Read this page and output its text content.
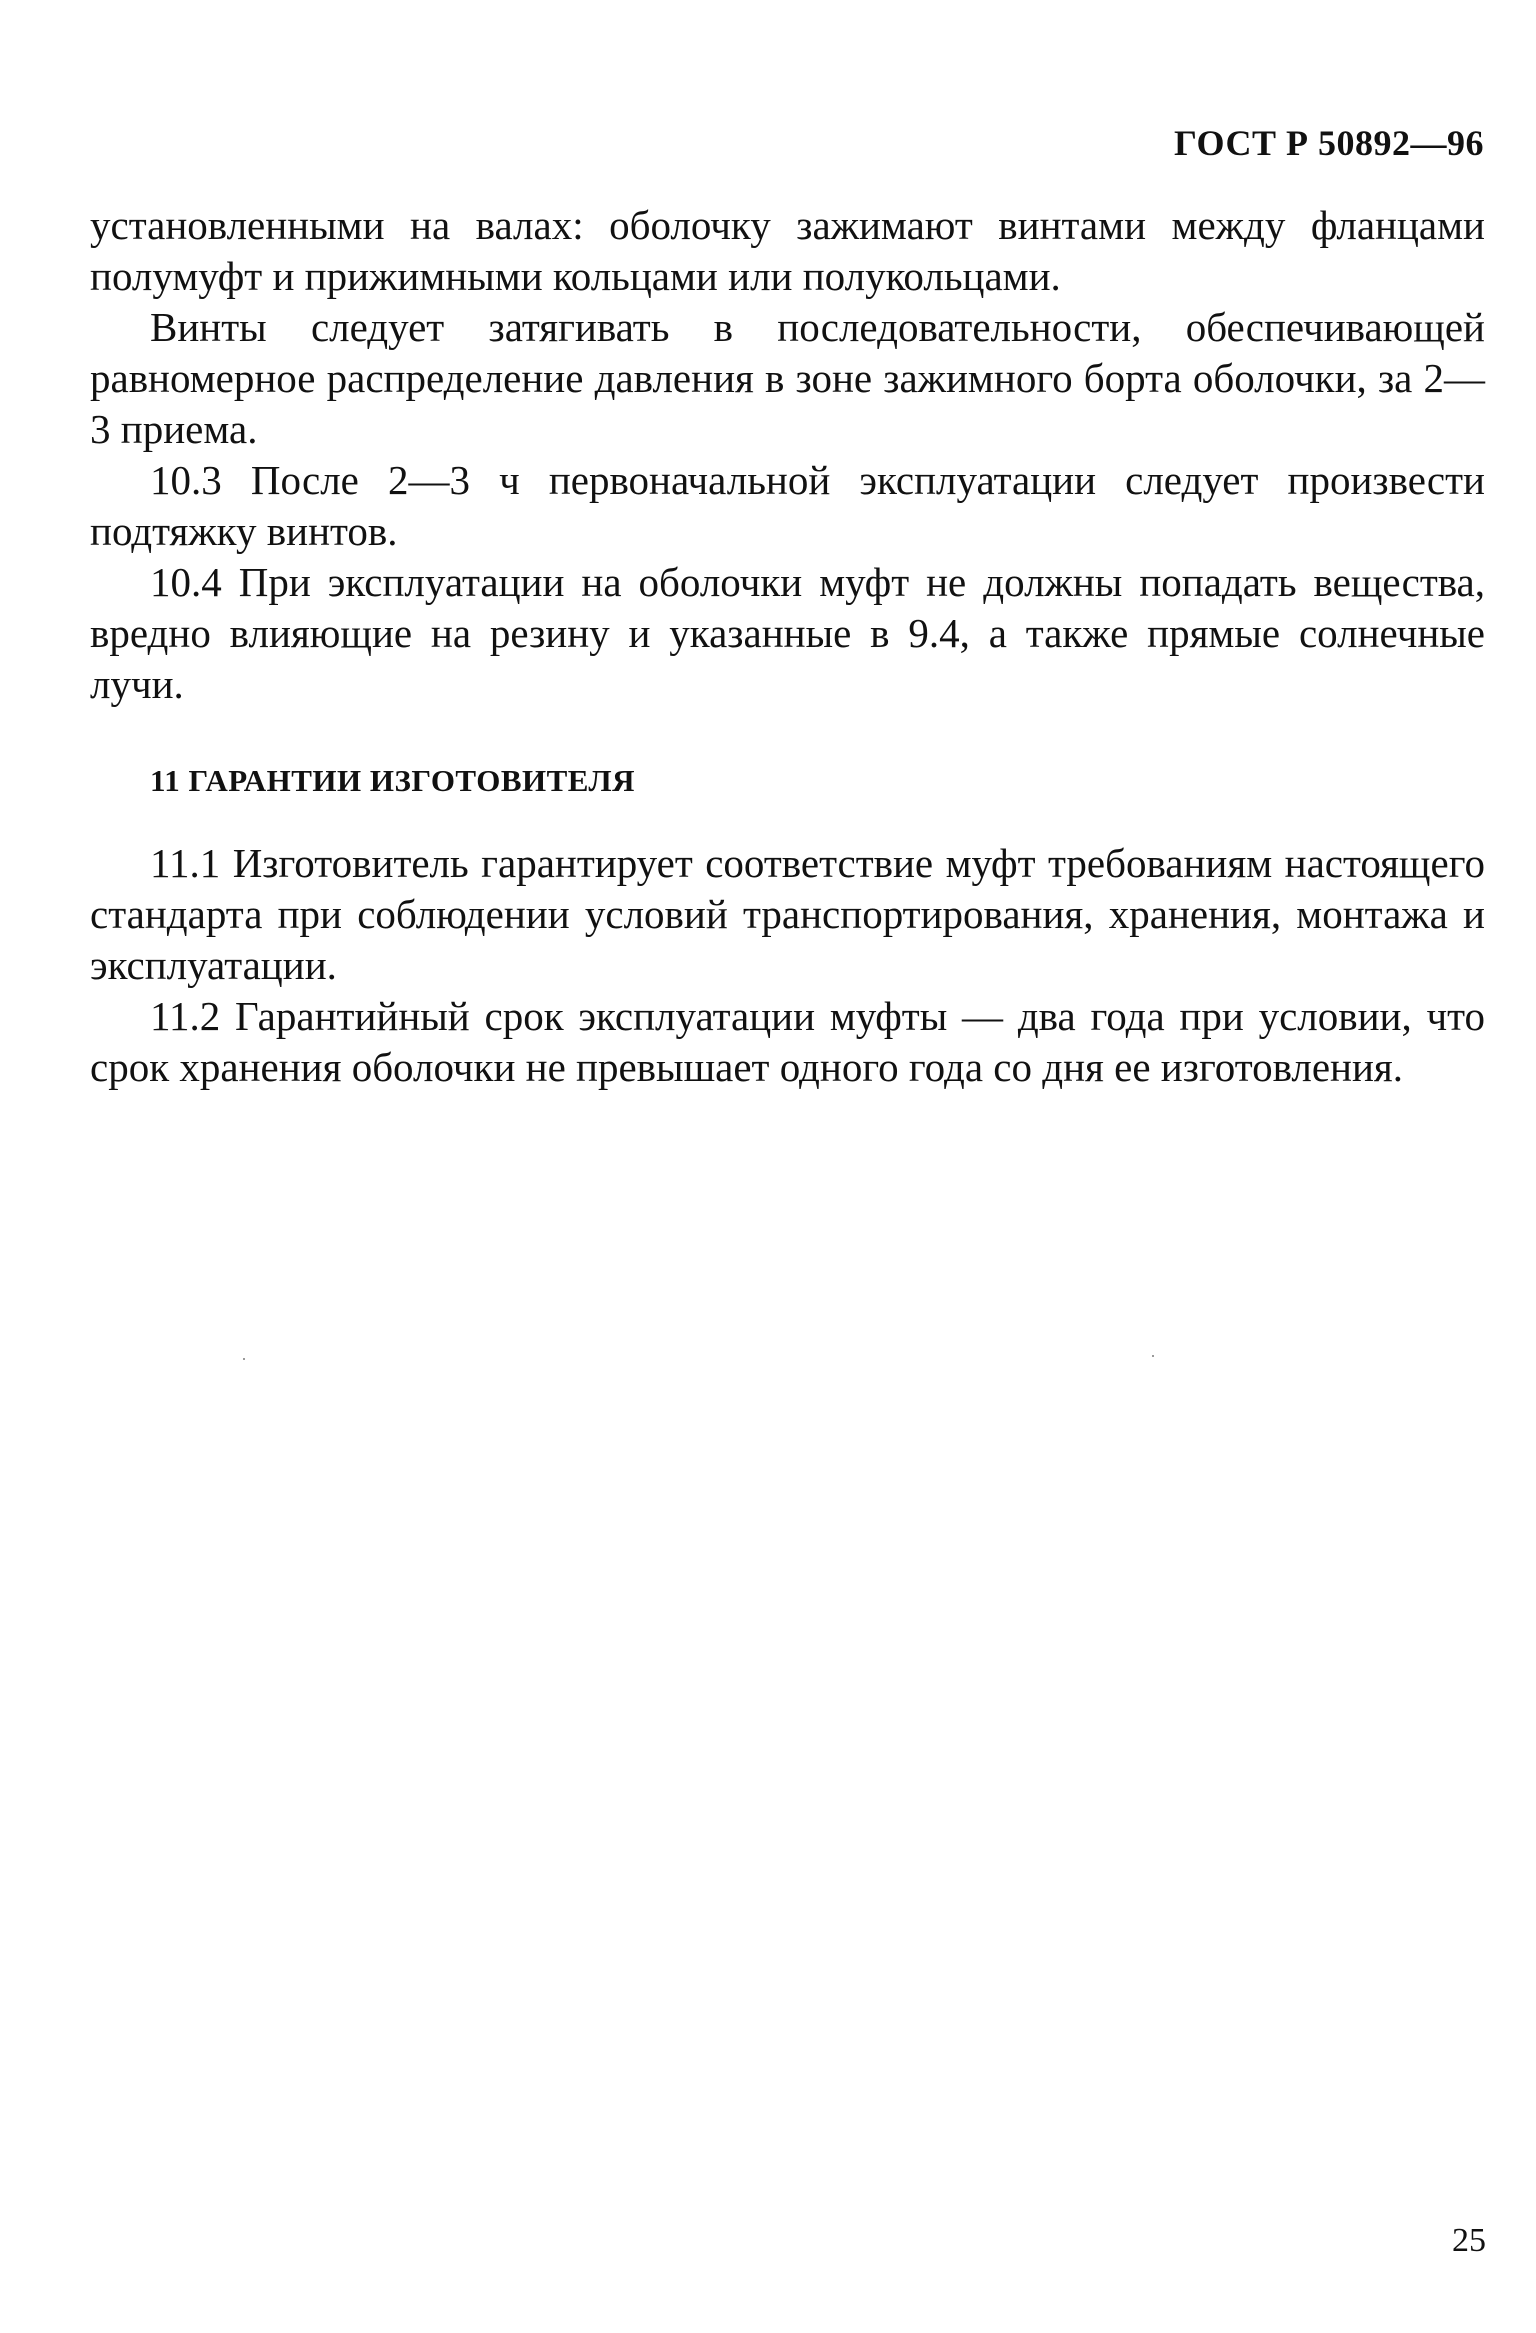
ГОСТ Р 50892—96

установленными на валах: оболочку зажимают винтами между фланцами полумуфт и прижимными кольцами или полукольцами.

Винты следует затягивать в последовательности, обеспечивающей равномерное распределение давления в зоне зажимного борта оболочки, за 2—3 приема.

10.3 После 2—3 ч первоначальной эксплуатации следует произвести подтяжку винтов.

10.4 При эксплуатации на оболочки муфт не должны попадать вещества, вредно влияющие на резину и указанные в 9.4, а также прямые солнечные лучи.

11 ГАРАНТИИ ИЗГОТОВИТЕЛЯ

11.1 Изготовитель гарантирует соответствие муфт требованиям настоящего стандарта при соблюдении условий транспортирования, хранения, монтажа и эксплуатации.

11.2 Гарантийный срок эксплуатации муфты — два года при условии, что срок хранения оболочки не превышает одного года со дня ее изготовления.

25
